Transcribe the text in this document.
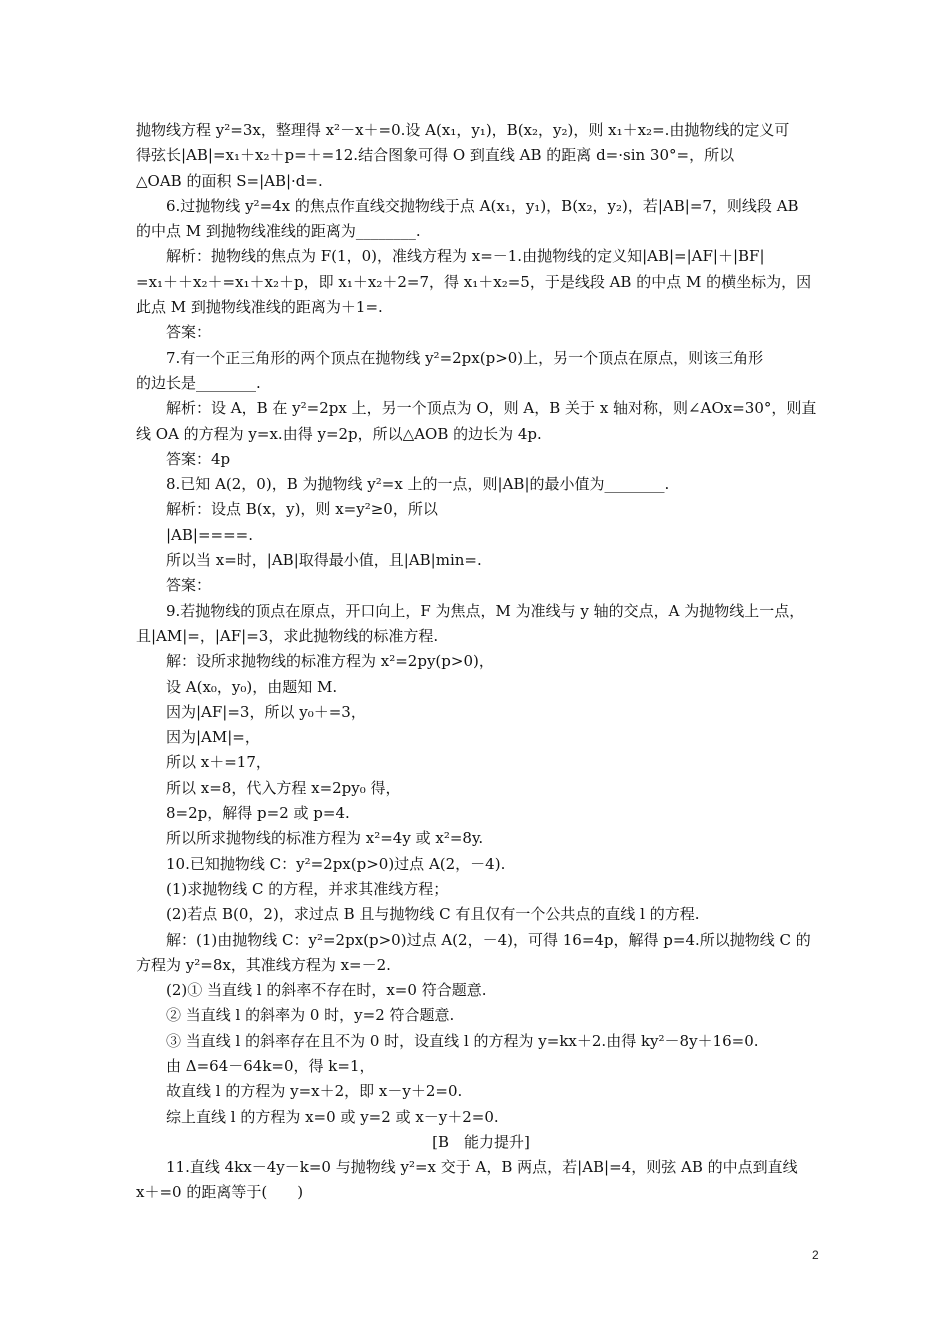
抛物线方程 y²=3x，整理得 x²－x＋=0.设 A(x₁，y₁)，B(x₂，y₂)，则 x₁＋x₂=.由抛物线的定义可
得弦长|AB|=x₁＋x₂＋p=＋=12.结合图象可得 O 到直线 AB 的距离 d=·sin 30°=，所以
△OAB 的面积 S=|AB|·d=.
6.过抛物线 y²=4x 的焦点作直线交抛物线于点 A(x₁，y₁)，B(x₂，y₂)，若|AB|=7，则线段 AB
的中点 M 到抛物线准线的距离为________.
解析：抛物线的焦点为 F(1，0)，准线方程为 x=－1.由抛物线的定义知|AB|=|AF|＋|BF|
=x₁＋＋x₂＋=x₁＋x₂＋p，即 x₁＋x₂＋2=7，得 x₁＋x₂=5，于是线段 AB 的中点 M 的横坐标为，因
此点 M 到抛物线准线的距离为＋1=.
答案：
7.有一个正三角形的两个顶点在抛物线 y²=2px(p>0)上，另一个顶点在原点，则该三角形
的边长是________.
解析：设 A，B 在 y²=2px 上，另一个顶点为 O，则 A，B 关于 x 轴对称，则∠AOx=30°，则直
线 OA 的方程为 y=x.由得 y=2p，所以△AOB 的边长为 4p.
答案：4p
8.已知 A(2，0)，B 为抛物线 y²=x 上的一点，则|AB|的最小值为________.
解析：设点 B(x，y)，则 x=y²≥0，所以
|AB|====.
所以当 x=时，|AB|取得最小值，且|AB|min=.
答案：
9.若抛物线的顶点在原点，开口向上，F 为焦点，M 为准线与 y 轴的交点，A 为抛物线上一点，
且|AM|=，|AF|=3，求此抛物线的标准方程.
解：设所求抛物线的标准方程为 x²=2py(p>0)，
设 A(x₀，y₀)，由题知 M.
因为|AF|=3，所以 y₀＋=3，
因为|AM|=，
所以 x＋=17，
所以 x=8，代入方程 x=2py₀ 得，
8=2p，解得 p=2 或 p=4.
所以所求抛物线的标准方程为 x²=4y 或 x²=8y.
10.已知抛物线 C：y²=2px(p>0)过点 A(2，－4).
(1)求抛物线 C 的方程，并求其准线方程；
(2)若点 B(0，2)，求过点 B 且与抛物线 C 有且仅有一个公共点的直线 l 的方程.
解：(1)由抛物线 C：y²=2px(p>0)过点 A(2，－4)，可得 16=4p，解得 p=4.所以抛物线 C 的
方程为 y²=8x，其准线方程为 x=－2.
(2)① 当直线 l 的斜率不存在时，x=0 符合题意.
② 当直线 l 的斜率为 0 时，y=2 符合题意.
③ 当直线 l 的斜率存在且不为 0 时，设直线 l 的方程为 y=kx＋2.由得 ky²－8y＋16=0.
由 Δ=64－64k=0，得 k=1，
故直线 l 的方程为 y=x＋2，即 x－y＋2=0.
综上直线 l 的方程为 x=0 或 y=2 或 x－y＋2=0.
[B　能力提升]
11.直线 4kx－4y－k=0 与抛物线 y²=x 交于 A，B 两点，若|AB|=4，则弦 AB 的中点到直线
x＋=0 的距离等于(　　)
2
